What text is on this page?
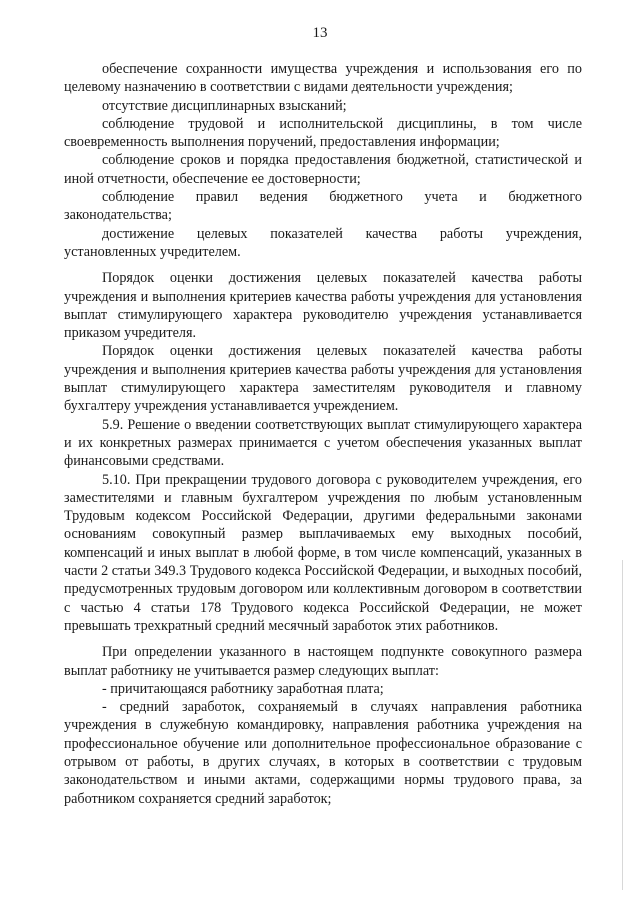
13

обеспечение сохранности имущества учреждения и использования его по целевому назначению в соответствии с видами деятельности учреждения;

отсутствие дисциплинарных взысканий;

соблюдение трудовой и исполнительской дисциплины, в том числе своевременность выполнения поручений, предоставления информации;

соблюдение сроков и порядка предоставления бюджетной, статистической и иной отчетности, обеспечение ее достоверности;

соблюдение правил ведения бюджетного учета и бюджетного законодательства;

достижение целевых показателей качества работы учреждения, установленных учредителем.

Порядок оценки достижения целевых показателей качества работы учреждения и выполнения критериев качества работы учреждения для установления выплат стимулирующего характера руководителю учреждения устанавливается приказом учредителя.

Порядок оценки достижения целевых показателей качества работы учреждения и выполнения критериев качества работы учреждения для установления выплат стимулирующего характера заместителям руководителя и главному бухгалтеру учреждения устанавливается учреждением.

5.9. Решение о введении соответствующих выплат стимулирующего характера и их конкретных размерах принимается с учетом обеспечения указанных выплат финансовыми средствами.

5.10. При прекращении трудового договора с руководителем учреждения, его заместителями и главным бухгалтером учреждения по любым установленным Трудовым кодексом Российской Федерации, другими федеральными законами основаниям совокупный размер выплачиваемых ему выходных пособий, компенсаций и иных выплат в любой форме, в том числе компенсаций, указанных в части 2 статьи 349.3 Трудового кодекса Российской Федерации, и выходных пособий, предусмотренных трудовым договором или коллективным договором в соответствии с частью 4 статьи 178 Трудового кодекса Российской Федерации, не может превышать трехкратный средний месячный заработок этих работников.

При определении указанного в настоящем подпункте совокупного размера выплат работнику не учитывается размер следующих выплат:

- причитающаяся работнику заработная плата;

- средний заработок, сохраняемый в случаях направления работника учреждения в служебную командировку, направления работника учреждения на профессиональное обучение или дополнительное профессиональное образование с отрывом от работы, в других случаях, в которых в соответствии с трудовым законодательством и иными актами, содержащими нормы трудового права, за работником сохраняется средний заработок;
